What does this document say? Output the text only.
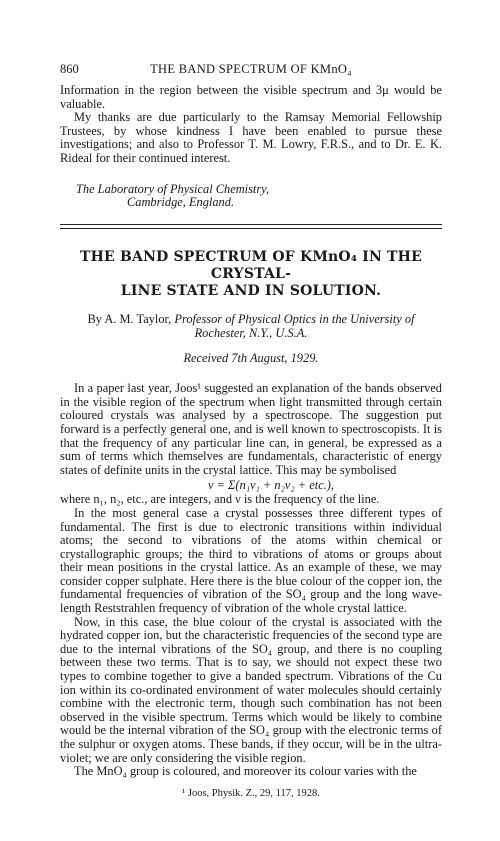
860	THE BAND SPECTRUM OF KMnO₄

Information in the region between the visible spectrum and 3μ would be valuable.

My thanks are due particularly to the Ramsay Memorial Fellowship Trustees, by whose kindness I have been enabled to pursue these investigations; and also to Professor T. M. Lowry, F.R.S., and to Dr. E. K. Rideal for their continued interest.

The Laboratory of Physical Chemistry,
Cambridge, England.
THE BAND SPECTRUM OF KMnO₄ IN THE CRYSTAL-
LINE STATE AND IN SOLUTION.
By A. M. Taylor, Professor of Physical Optics in the University of
Rochester, N.Y., U.S.A.
Received 7th August, 1929.

In a paper last year, Joos¹ suggested an explanation of the bands observed in the visible region of the spectrum when light transmitted through certain coloured crystals was analysed by a spectroscope. The suggestion put forward is a perfectly general one, and is well known to spectroscopists. It is that the frequency of any particular line can, in general, be expressed as a sum of terms which themselves are fundamentals, characteristic of energy states of definite units in the crystal lattice. This may be symbolised

ν = Σ(n₁ν₁ + n₂ν₂ + etc.),

where n₁, n₂, etc., are integers, and ν is the frequency of the line.

In the most general case a crystal possesses three different types of fundamental. The first is due to electronic transitions within individual atoms; the second to vibrations of the atoms within chemical or crystallographic groups; the third to vibrations of atoms or groups about their mean positions in the crystal lattice. As an example of these, we may consider copper sulphate. Here there is the blue colour of the copper ion, the fundamental frequencies of vibration of the SO₄ group and the long wave-length Reststrahlen frequency of vibration of the whole crystal lattice.

Now, in this case, the blue colour of the crystal is associated with the hydrated copper ion, but the characteristic frequencies of the second type are due to the internal vibrations of the SO₄ group, and there is no coupling between these two terms. That is to say, we should not expect these two types to combine together to give a banded spectrum. Vibrations of the Cu ion within its co-ordinated environment of water molecules should certainly combine with the electronic term, though such combination has not been observed in the visible spectrum. Terms which would be likely to combine would be the internal vibration of the SO₄ group with the electronic terms of the sulphur or oxygen atoms. These bands, if they occur, will be in the ultra-violet; we are only considering the visible region.

The MnO₄ group is coloured, and moreover its colour varies with the

¹ Joos, Physik. Z., 29, 117, 1928.
